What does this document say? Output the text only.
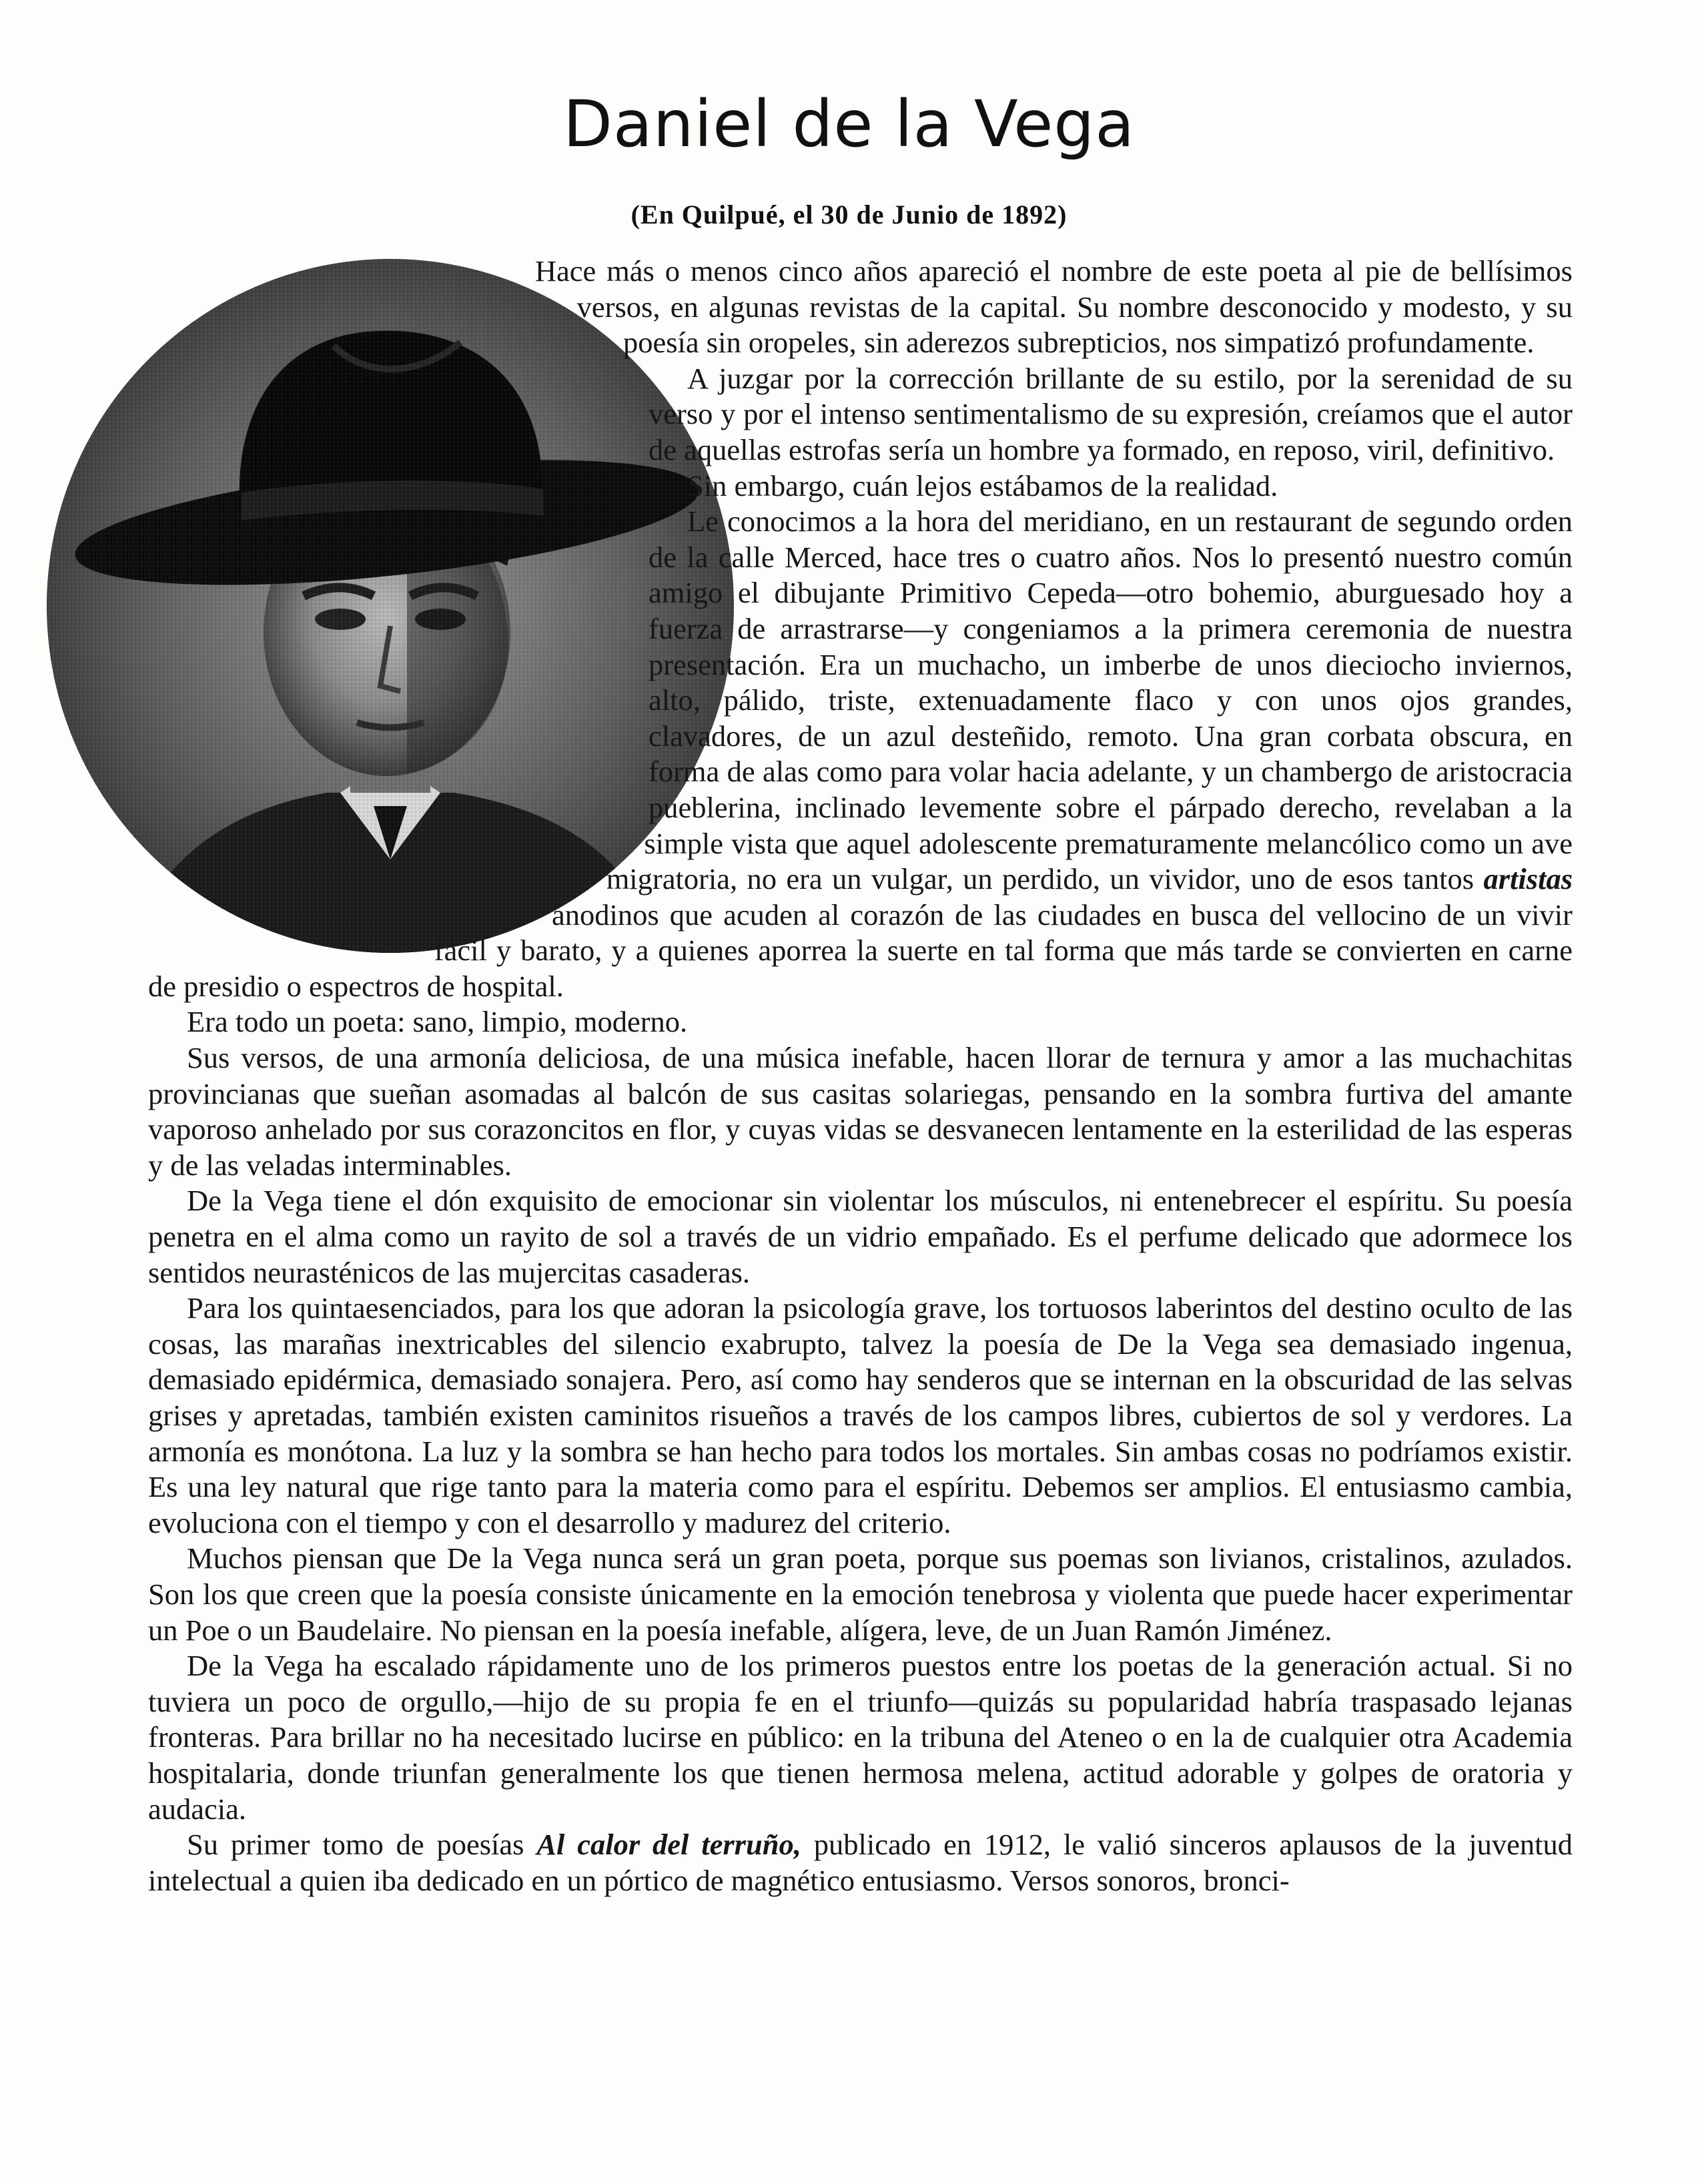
Daniel de la Vega
(En Quilpué, el 30 de Junio de 1892)

Hace más o menos cinco años apareció el nombre de este poeta al pie de bellísimos versos, en algunas revistas de la capital. Su nombre desconocido y modesto, y su poesía sin oropeles, sin aderezos subrepticios, nos simpatizó profundamente.

A juzgar por la corrección brillante de su estilo, por la serenidad de su verso y por el intenso sentimentalismo de su expresión, creíamos que el autor de aquellas estrofas sería un hombre ya formado, en reposo, viril, definitivo.

Sin embargo, cuán lejos estábamos de la realidad.

Le conocimos a la hora del meridiano, en un restaurant de segundo orden de la calle Merced, hace tres o cuatro años. Nos lo presentó nuestro común amigo el dibujante Primitivo Cepeda—otro bohemio, aburguesado hoy a fuerza de arrastrarse—y congeniamos a la primera ceremonia de nuestra presentación. Era un muchacho, un imberbe de unos dieciocho inviernos, alto, pálido, triste, extenuadamente flaco y con unos ojos grandes, clavadores, de un azul desteñido, remoto. Una gran corbata obscura, en forma de alas como para volar hacia adelante, y un chambergo de aristocracia pueblerina, inclinado levemente sobre el párpado derecho, revelaban a la simple vista que aquel adolescente prematuramente melancólico como un ave migratoria, no era un vulgar, un perdido, un vividor, uno de esos tantos artistas anodinos que acuden al corazón de las ciudades en busca del vellocino de un vivir fácil y barato, y a quienes aporrea la suerte en tal forma que más tarde se convierten en carne de presidio o espectros de hospital.

Era todo un poeta: sano, limpio, moderno.

Sus versos, de una armonía deliciosa, de una música inefable, hacen llorar de ternura y amor a las muchachitas provincianas que sueñan asomadas al balcón de sus casitas solariegas, pensando en la sombra furtiva del amante vaporoso anhelado por sus corazoncitos en flor, y cuyas vidas se desvanecen lentamente en la esterilidad de las esperas y de las veladas interminables.

De la Vega tiene el dón exquisito de emocionar sin violentar los músculos, ni entenebrecer el espíritu. Su poesía penetra en el alma como un rayito de sol a través de un vidrio empañado. Es el perfume delicado que adormece los sentidos neurasténicos de las mujercitas casaderas.

Para los quintaesenciados, para los que adoran la psicología grave, los tortuosos laberintos del destino oculto de las cosas, las marañas inextricables del silencio exabrupto, talvez la poesía de De la Vega sea demasiado ingenua, demasiado epidérmica, demasiado sonajera. Pero, así como hay senderos que se internan en la obscuridad de las selvas grises y apretadas, también existen caminitos risueños a través de los campos libres, cubiertos de sol y verdores. La armonía es monótona. La luz y la sombra se han hecho para todos los mortales. Sin ambas cosas no podríamos existir. Es una ley natural que rige tanto para la materia como para el espíritu. Debemos ser amplios. El entusiasmo cambia, evoluciona con el tiempo y con el desarrollo y madurez del criterio.

Muchos piensan que De la Vega nunca será un gran poeta, porque sus poemas son livianos, cristalinos, azulados. Son los que creen que la poesía consiste únicamente en la emoción tenebrosa y violenta que puede hacer experimentar un Poe o un Baudelaire. No piensan en la poesía inefable, alígera, leve, de un Juan Ramón Jiménez.

De la Vega ha escalado rápidamente uno de los primeros puestos entre los poetas de la generación actual. Si no tuviera un poco de orgullo,—hijo de su propia fe en el triunfo—quizás su popularidad habría traspasado lejanas fronteras. Para brillar no ha necesitado lucirse en público: en la tribuna del Ateneo o en la de cualquier otra Academia hospitalaria, donde triunfan generalmente los que tienen hermosa melena, actitud adorable y golpes de oratoria y audacia.

Su primer tomo de poesías Al calor del terruño, publicado en 1912, le valió sinceros aplausos de la juventud intelectual a quien iba dedicado en un pórtico de magnético entusiasmo. Versos sonoros, bronci-
